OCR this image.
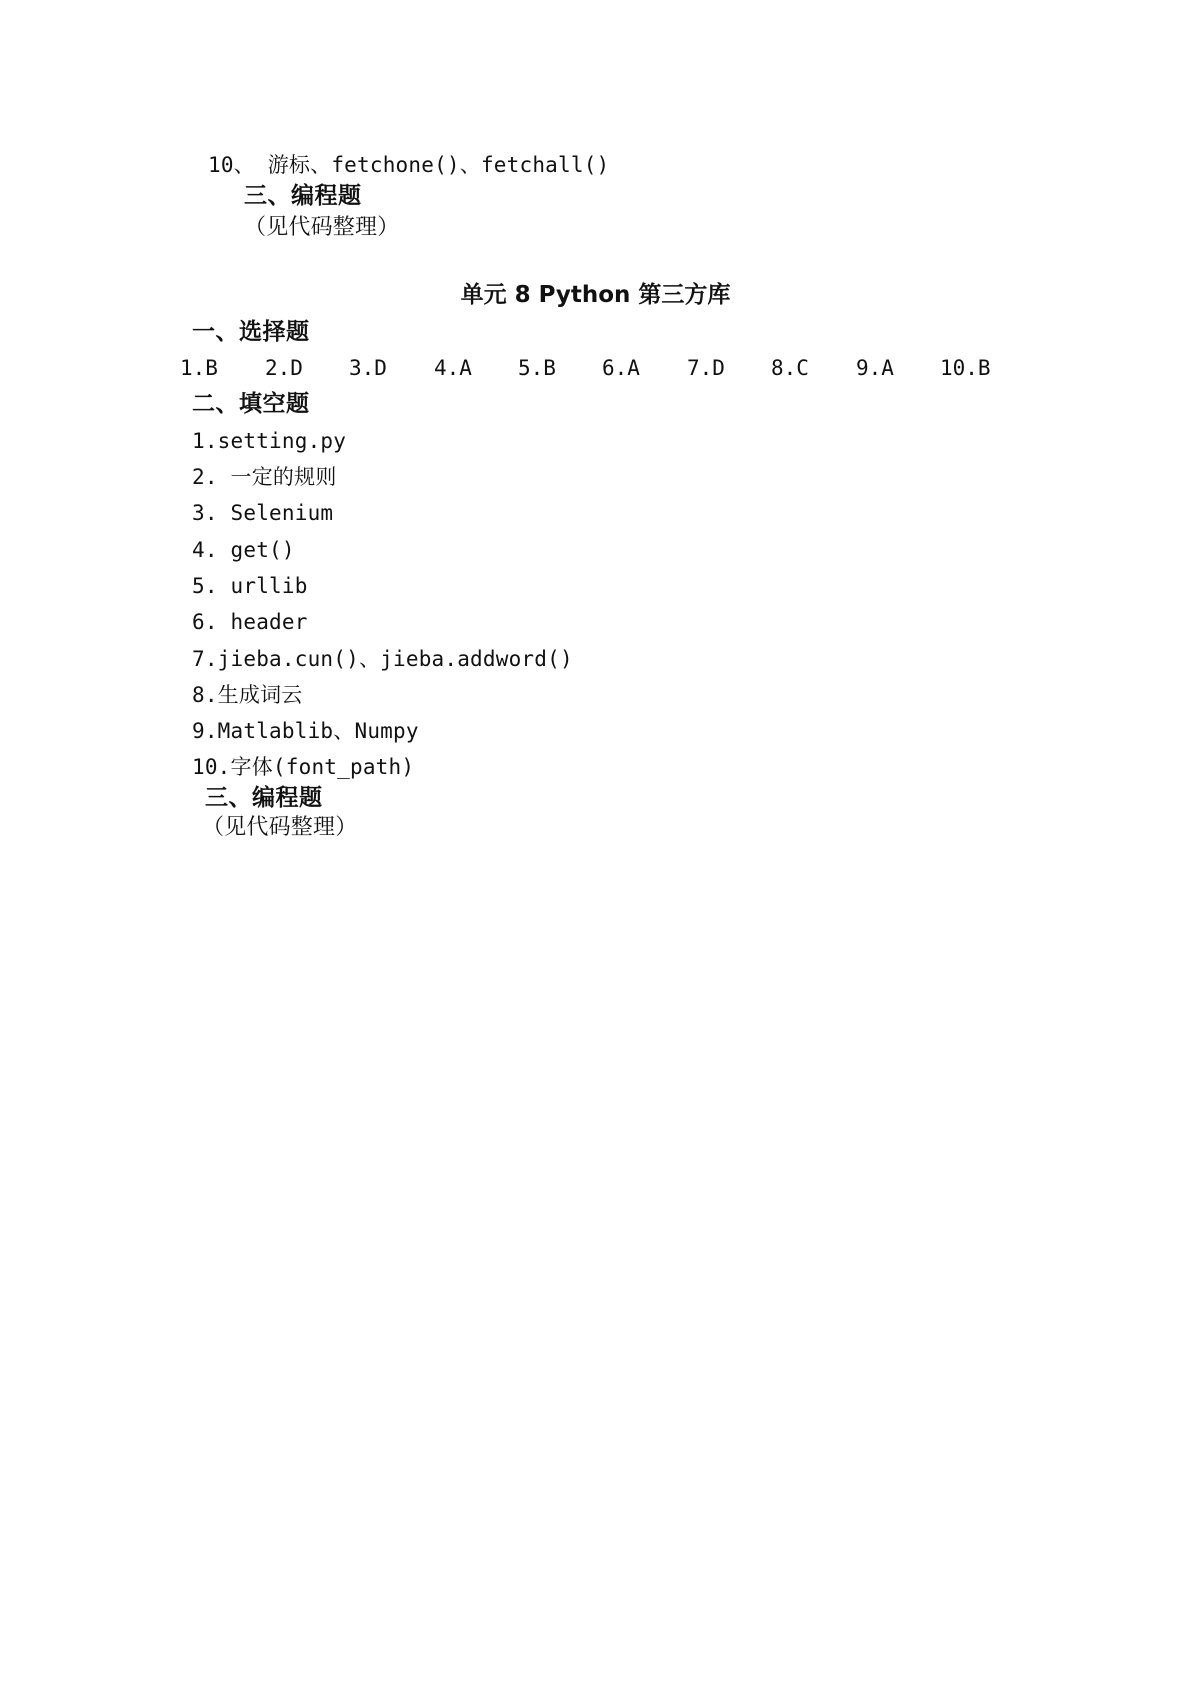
10、 游标、fetchone()、fetchall()
三、编程题
（见代码整理）
单元 8 Python 第三方库
一、选择题
1.B 2.D 3.D 4.A 5.B 6.A 7.D 8.C 9.A 10.B
二、填空题
1.setting.py
2. 一定的规则
3. Selenium
4. get()
5. urllib
6. header
7.jieba.cun()、jieba.addword()
8.生成词云
9.Matlablib、Numpy
10.字体(font_path)
三、编程题
（见代码整理）
